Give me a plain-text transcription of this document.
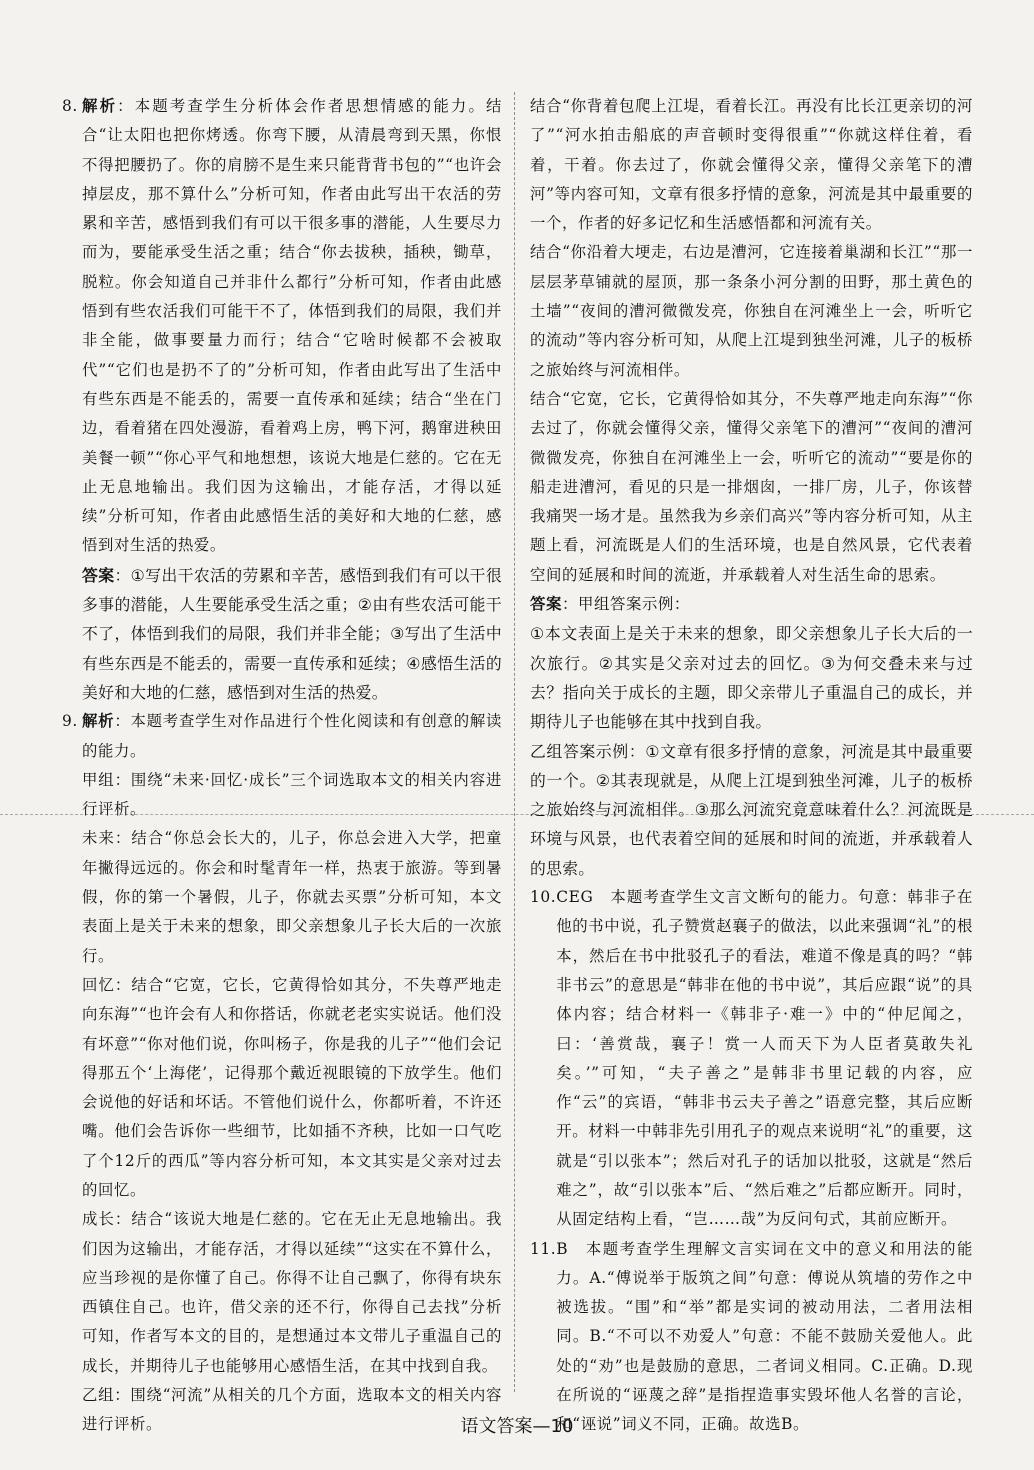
8. 解析：本题考查学生分析体会作者思想情感的能力。结合“让太阳也把你烤透。你弯下腰，从清晨弯到天黑，你恨不得把腰扔了。你的肩膀不是生来只能背背书包的”“也许会掉层皮，那不算什么”分析可知，作者由此写出干农活的劳累和辛苦，感悟到我们有可以干很多事的潜能，人生要尽力而为，要能承受生活之重；结合“你去拔秧，插秧，锄草，脱粒。你会知道自己并非什么都行”分析可知，作者由此感悟到有些农活我们可能干不了，体悟到我们的局限，我们并非全能，做事要量力而行；结合“它啥时候都不会被取代”“它们也是扔不了的”分析可知，作者由此写出了生活中有些东西是不能丢的，需要一直传承和延续；结合“坐在门边，看着猪在四处漫游，看着鸡上房，鸭下河，鹅窜进秧田美餐一顿”“你心平气和地想想，该说大地是仁慈的。它在无止无息地输出。我们因为这输出，才能存活，才得以延续”分析可知，作者由此感悟生活的美好和大地的仁慈，感悟到对生活的热爱。

答案：①写出干农活的劳累和辛苦，感悟到我们有可以干很多事的潜能，人生要能承受生活之重；②由有些农活可能干不了，体悟到我们的局限，我们并非全能；③写出了生活中有些东西是不能丢的，需要一直传承和延续；④感悟生活的美好和大地的仁慈，感悟到对生活的热爱。

9. 解析：本题考查学生对作品进行个性化阅读和有创意的解读的能力。

甲组：围绕“未来·回忆·成长”三个词选取本文的相关内容进行评析。

未来：结合“你总会长大的，儿子，你总会进入大学，把童年撇得远远的。你会和时髦青年一样，热衷于旅游。等到暑假，你的第一个暑假，儿子，你就去买票”分析可知，本文表面上是关于未来的想象，即父亲想象儿子长大后的一次旅行。

回忆：结合“它宽，它长，它黄得恰如其分，不失尊严地走向东海”“也许会有人和你搭话，你就老老实实说话。他们没有坏意”“你对他们说，你叫杨子，你是我的儿子”“他们会记得那五个‘上海佬’，记得那个戴近视眼镜的下放学生。他们会说他的好话和坏话。不管他们说什么，你都听着，不许还嘴。他们会告诉你一些细节，比如插不齐秧，比如一口气吃了个12斤的西瓜”等内容分析可知，本文其实是父亲对过去的回忆。

成长：结合“该说大地是仁慈的。它在无止无息地输出。我们因为这输出，才能存活，才得以延续”“这实在不算什么，应当珍视的是你懂了自己。你得不让自己飘了，你得有块东西镇住自己。也许，借父亲的还不行，你得自己去找”分析可知，作者写本文的目的，是想通过本文带儿子重温自己的成长，并期待儿子也能够用心感悟生活，在其中找到自我。

乙组：围绕“河流”从相关的几个方面，选取本文的相关内容进行评析。

结合“你背着包爬上江堤，看着长江。再没有比长江更亲切的河了”“河水拍击船底的声音顿时变得很重”“你就这样住着，看着，干着。你去过了，你就会懂得父亲，懂得父亲笔下的漕河”等内容可知，文章有很多抒情的意象，河流是其中最重要的一个，作者的好多记忆和生活感悟都和河流有关。

结合“你沿着大埂走，右边是漕河，它连接着巢湖和长江”“那一层层茅草铺就的屋顶，那一条条小河分割的田野，那土黄色的土墙”“夜间的漕河微微发亮，你独自在河滩坐上一会，听听它的流动”等内容分析可知，从爬上江堤到独坐河滩，儿子的板桥之旅始终与河流相伴。

结合“它宽，它长，它黄得恰如其分，不失尊严地走向东海”“你去过了，你就会懂得父亲，懂得父亲笔下的漕河”“夜间的漕河微微发亮，你独自在河滩坐上一会，听听它的流动”“要是你的船走进漕河，看见的只是一排烟囱，一排厂房，儿子，你该替我痛哭一场才是。虽然我为乡亲们高兴”等内容分析可知，从主题上看，河流既是人们的生活环境，也是自然风景，它代表着空间的延展和时间的流逝，并承载着人对生活生命的思索。

答案：甲组答案示例：

①本文表面上是关于未来的想象，即父亲想象儿子长大后的一次旅行。②其实是父亲对过去的回忆。③为何交叠未来与过去？指向关于成长的主题，即父亲带儿子重温自己的成长，并期待儿子也能够在其中找到自我。

乙组答案示例：①文章有很多抒情的意象，河流是其中最重要的一个。②其表现就是，从爬上江堤到独坐河滩，儿子的板桥之旅始终与河流相伴。③那么河流究竟意味着什么？河流既是环境与风景，也代表着空间的延展和时间的流逝，并承载着人的思索。

10. CEG　本题考查学生文言文断句的能力。句意：韩非子在他的书中说，孔子赞赏赵襄子的做法，以此来强调“礼”的根本，然后在书中批驳孔子的看法，难道不像是真的吗？“韩非书云”的意思是“韩非在他的书中说”，其后应跟“说”的具体内容；结合材料一《韩非子·难一》中的“仲尼闻之，曰：‘善赏哉，襄子！赏一人而天下为人臣者莫敢失礼矣。’”可知，“夫子善之”是韩非书里记载的内容，应作“云”的宾语，“韩非书云夫子善之”语意完整，其后应断开。材料一中韩非先引用孔子的观点来说明“礼”的重要，这就是“引以张本”；然后对孔子的话加以批驳，这就是“然后难之”，故“引以张本”后、“然后难之”后都应断开。同时，从固定结构上看，“岂……哉”为反问句式，其前应断开。

11. B　本题考查学生理解文言实词在文中的意义和用法的能力。A.“傅说举于版筑之间”句意：傅说从筑墙的劳作之中被选拔。“围”和“举”都是实词的被动用法，二者用法相同。B.“不可以不劝爱人”句意：不能不鼓励关爱他人。此处的“劝”也是鼓励的意思，二者词义相同。C.正确。D.现在所说的“诬蔑之辞”是指捏造事实毁坏他人名誉的言论，和“诬说”词义不同，正确。故选B。

语文答案—10
